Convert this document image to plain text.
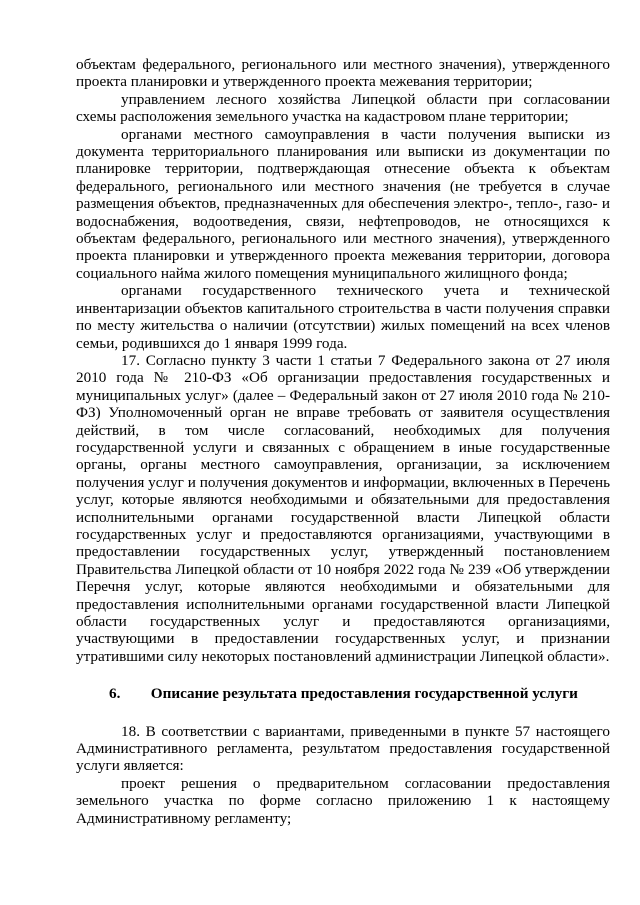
объектам федерального, регионального или местного значения), утвержденного проекта планировки и утвержденного проекта межевания территории;

управлением лесного хозяйства Липецкой области при согласовании схемы расположения земельного участка на кадастровом плане территории;

органами местного самоуправления в части получения выписки из документа территориального планирования или выписки из документации по планировке территории, подтверждающая отнесение объекта к объектам федерального, регионального или местного значения (не требуется в случае размещения объектов, предназначенных для обеспечения электро-, тепло-, газо- и водоснабжения, водоотведения, связи, нефтепроводов, не относящихся к объектам федерального, регионального или местного значения), утвержденного проекта планировки и утвержденного проекта межевания территории, договора социального найма жилого помещения муниципального жилищного фонда;

органами государственного технического учета и технической инвентаризации объектов капитального строительства в части получения справки по месту жительства о наличии (отсутствии) жилых помещений на всех членов семьи, родившихся до 1 января 1999 года.

17. Согласно пункту 3 части 1 статьи 7 Федерального закона от 27 июля 2010 года № 210-ФЗ «Об организации предоставления государственных и муниципальных услуг» (далее – Федеральный закон от 27 июля 2010 года № 210-ФЗ) Уполномоченный орган не вправе требовать от заявителя осуществления действий, в том числе согласований, необходимых для получения государственной услуги и связанных с обращением в иные государственные органы, органы местного самоуправления, организации, за исключением получения услуг и получения документов и информации, включенных в Перечень услуг, которые являются необходимыми и обязательными для предоставления исполнительными органами государственной власти Липецкой области государственных услуг и предоставляются организациями, участвующими в предоставлении государственных услуг, утвержденный постановлением Правительства Липецкой области от 10 ноября 2022 года № 239 «Об утверждении Перечня услуг, которые являются необходимыми и обязательными для предоставления исполнительными органами государственной власти Липецкой области государственных услуг и предоставляются организациями, участвующими в предоставлении государственных услуг, и признании утратившими силу некоторых постановлений администрации Липецкой области».

6. Описание результата предоставления государственной услуги

18. В соответствии с вариантами, приведенными в пункте 57 настоящего Административного регламента, результатом предоставления государственной услуги является:

проект решения о предварительном согласовании предоставления земельного участка по форме согласно приложению 1 к настоящему Административному регламенту;
